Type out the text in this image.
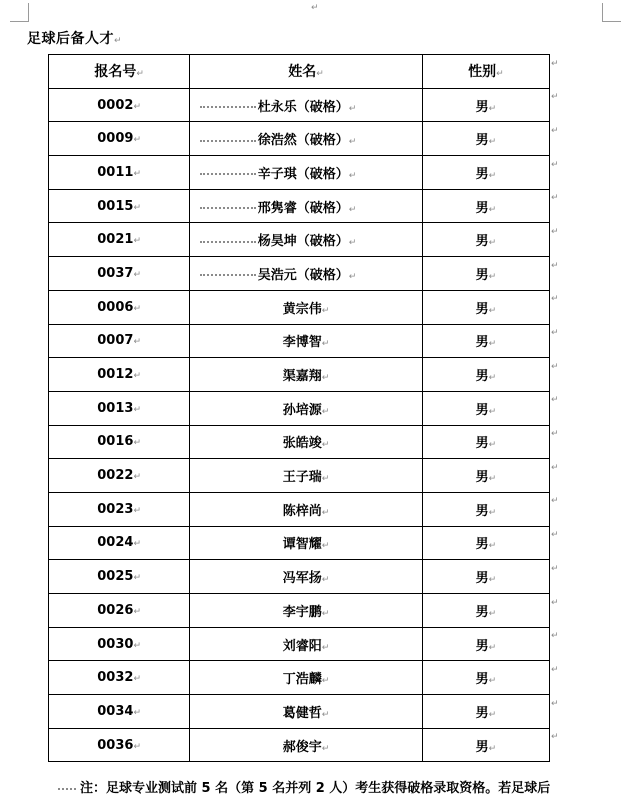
↵
足球后备人才↵
报名号↵	姓名↵	性别↵
0002↵	杜永乐（破格）↵	男↵
0009↵	徐浩然（破格）↵	男↵
0011↵	辛子琪（破格）↵	男↵
0015↵	邢隽睿（破格）↵	男↵
0021↵	杨昊坤（破格）↵	男↵
0037↵	吴浩元（破格）↵	男↵
0006↵	黄宗伟↵	男↵
0007↵	李博智↵	男↵
0012↵	渠嘉翔↵	男↵
0013↵	孙培源↵	男↵
0016↵	张皓竣↵	男↵
0022↵	王子瑞↵	男↵
0023↵	陈梓尚↵	男↵
0024↵	谭智耀↵	男↵
0025↵	冯军扬↵	男↵
0026↵	李宇鹏↵	男↵
0030↵	刘睿阳↵	男↵
0032↵	丁浩麟↵	男↵
0034↵	葛健哲↵	男↵
0036↵	郝俊宇↵	男↵
注：足球专业测试前 5 名（第 5 名并列 2 人）考生获得破格录取资格。若足球后
↵
↵
↵
↵
↵
↵
↵
↵
↵
↵
↵
↵
↵
↵
↵
↵
↵
↵
↵
↵
↵
